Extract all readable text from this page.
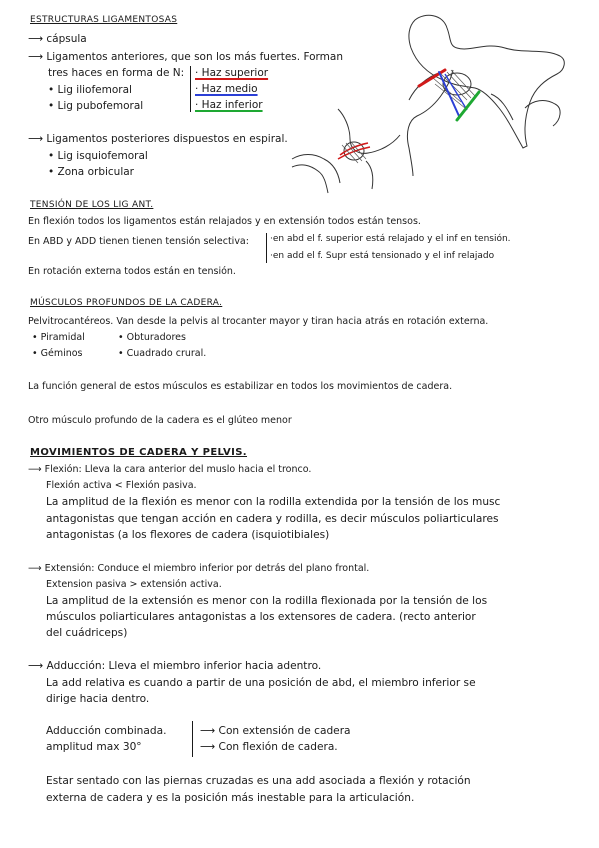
ESTRUCTURAS LIGAMENTOSAS
⟶ cápsula
⟶ Ligamentos anteriores, que son los más fuertes. Forman
tres haces en forma de N: · Haz superior
· Haz medio
· Haz inferior
• Lig iliofemoral
• Lig pubofemoral
⟶ Ligamentos posteriores dispuestos en espiral.
• Lig isquiofemoral
• Zona orbicular
TENSIÓN DE LOS LIG ANT.
En flexión todos los ligamentos están relajados y en extensión todos están tensos.
En ABD y ADD tienen tienen tensión selectiva: ·en abd el f. superior está relajado y el inf en tensión.
·en add el f. Supr está tensionado y el inf relajado
En rotación externa todos están en tensión.
MÚSCULOS PROFUNDOS DE LA CADERA.
Pelvitrocantéreos. Van desde la pelvis al trocanter mayor y tiran hacia atrás en rotación externa.
• Piramidal	• Obturadores
• Géminos	• Cuadrado crural.
La función general de estos músculos es estabilizar en todos los movimientos de cadera.
Otro músculo profundo de la cadera es el glúteo menor
MOVIMIENTOS DE CADERA Y PELVIS.
⟶ Flexión: Lleva la cara anterior del muslo hacia el tronco.
Flexión activa < Flexión pasiva.
La amplitud de la flexión es menor con la rodilla extendida por la tensión de los musc
antagonistas que tengan acción en cadera y rodilla, es decir músculos poliarticulares
antagonistas (a los flexores de cadera (isquiotibiales)
⟶ Extensión: Conduce el miembro inferior por detrás del plano frontal.
Extension pasiva > extensión activa.
La amplitud de la extensión es menor con la rodilla flexionada por la tensión de los
músculos poliarticulares antagonistas a los extensores de cadera. (recto anterior
del cuádriceps)
⟶ Adducción: Lleva el miembro inferior hacia adentro.
La add relativa es cuando a partir de una posición de abd, el miembro inferior se
dirige hacia dentro.
Adducción combinada.
amplitud max 30°
⟶ Con extensión de cadera
⟶ Con flexión de cadera.
Estar sentado con las piernas cruzadas es una add asociada a flexión y rotación
externa de cadera y es la posición más inestable para la articulación.
